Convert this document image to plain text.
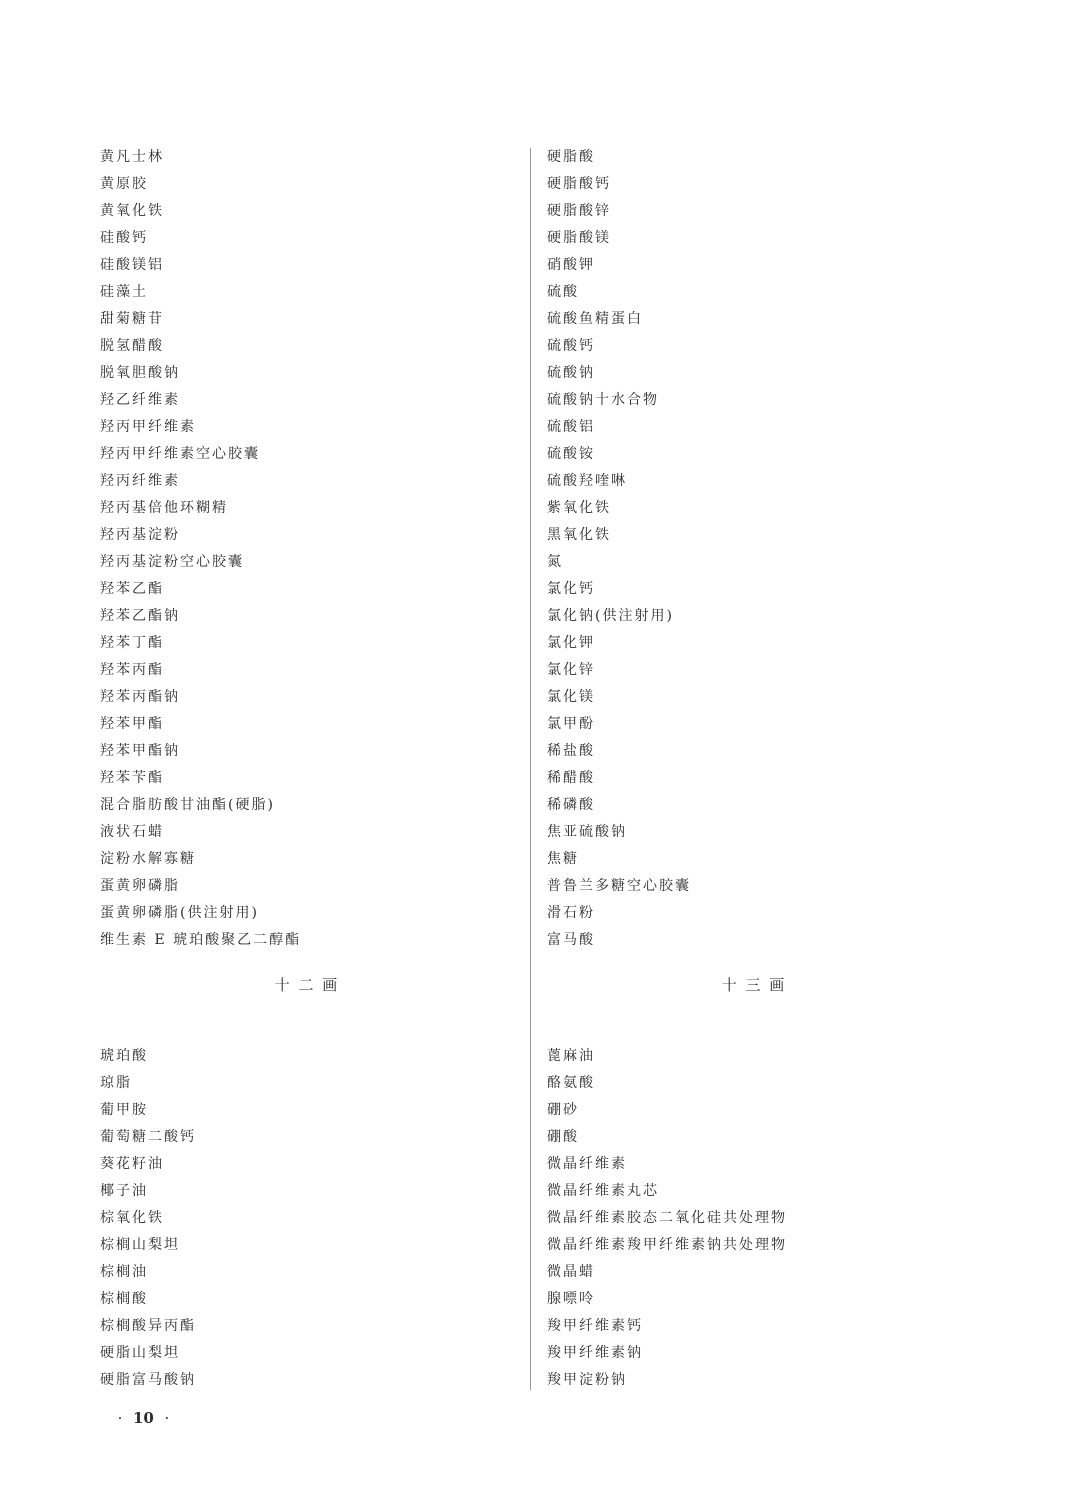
黄凡士林
黄原胶
黄氧化铁
硅酸钙
硅酸镁铝
硅藻土
甜菊糖苷
脱氢醋酸
脱氧胆酸钠
羟乙纤维素
羟丙甲纤维素
羟丙甲纤维素空心胶囊
羟丙纤维素
羟丙基倍他环糊精
羟丙基淀粉
羟丙基淀粉空心胶囊
羟苯乙酯
羟苯乙酯钠
羟苯丁酯
羟苯丙酯
羟苯丙酯钠
羟苯甲酯
羟苯甲酯钠
羟苯苄酯
混合脂肪酸甘油酯(硬脂)
液状石蜡
淀粉水解寡糖
蛋黄卵磷脂
蛋黄卵磷脂(供注射用)
维生素 E 琥珀酸聚乙二醇酯
十 二 画
琥珀酸
琼脂
葡甲胺
葡萄糖二酸钙
葵花籽油
椰子油
棕氧化铁
棕榈山梨坦
棕榈油
棕榈酸
棕榈酸异丙酯
硬脂山梨坦
硬脂富马酸钠
硬脂酸
硬脂酸钙
硬脂酸锌
硬脂酸镁
硝酸钾
硫酸
硫酸鱼精蛋白
硫酸钙
硫酸钠
硫酸钠十水合物
硫酸铝
硫酸铵
硫酸羟喹啉
紫氧化铁
黑氧化铁
氮
氯化钙
氯化钠(供注射用)
氯化钾
氯化锌
氯化镁
氯甲酚
稀盐酸
稀醋酸
稀磷酸
焦亚硫酸钠
焦糖
普鲁兰多糖空心胶囊
滑石粉
富马酸
十 三 画
蓖麻油
酪氨酸
硼砂
硼酸
微晶纤维素
微晶纤维素丸芯
微晶纤维素胶态二氧化硅共处理物
微晶纤维素羧甲纤维素钠共处理物
微晶蜡
腺嘌呤
羧甲纤维素钙
羧甲纤维素钠
羧甲淀粉钠
· 10 ·
